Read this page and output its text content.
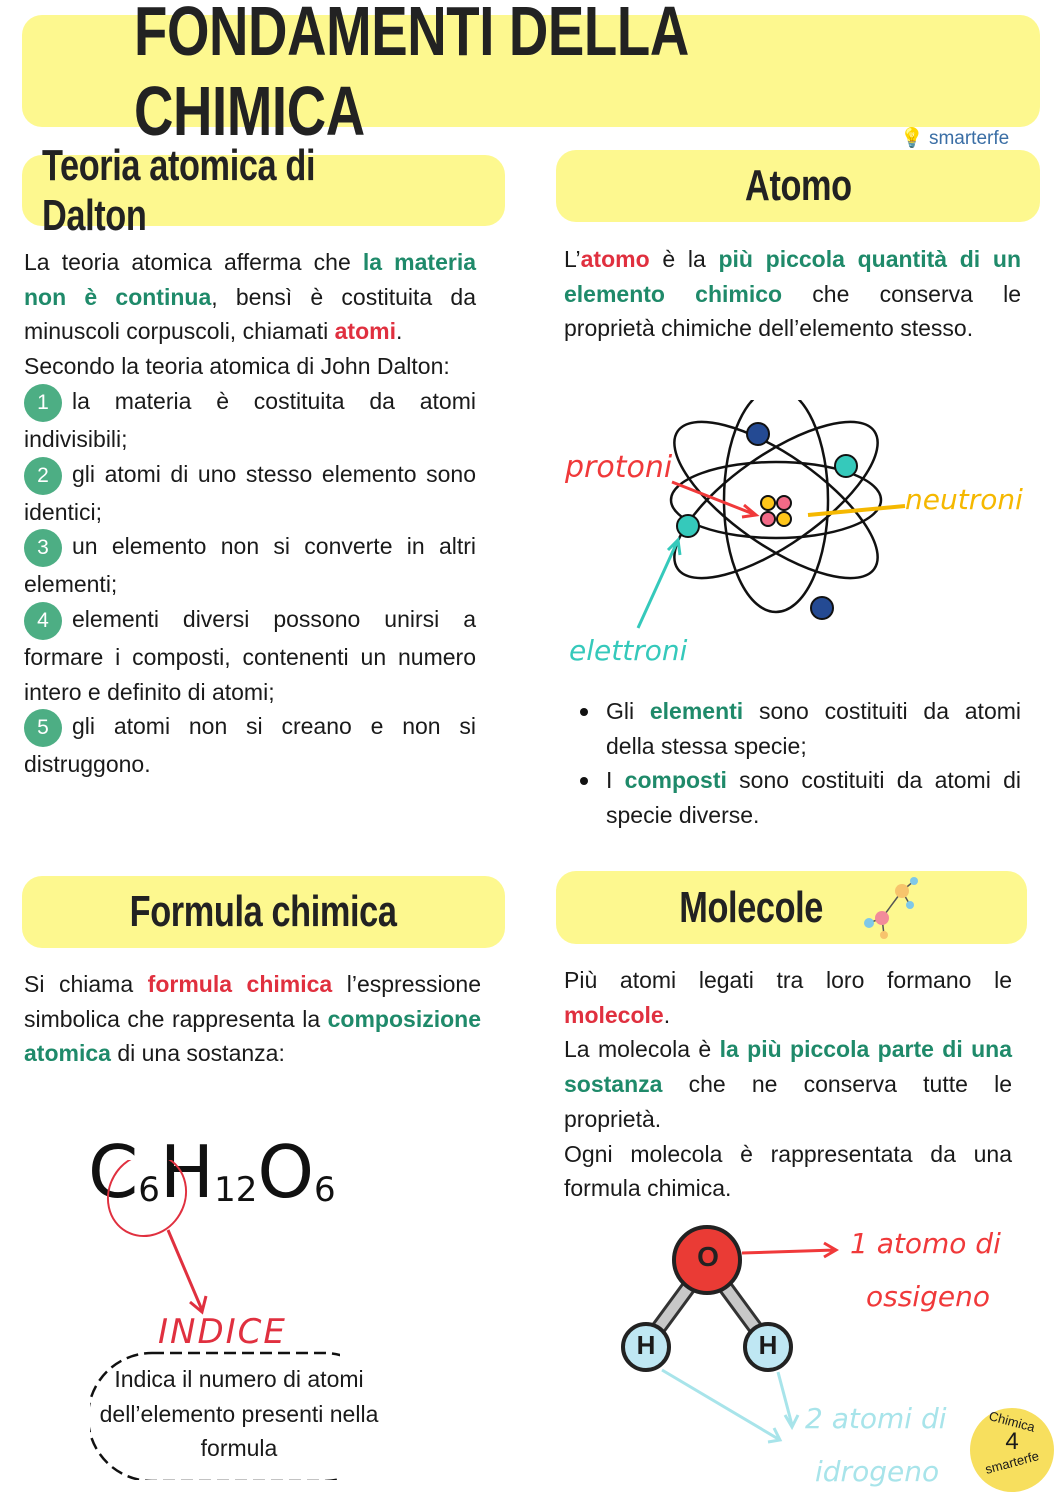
FONDAMENTI DELLA CHIMICA	💡 smarterfe
Teoria atomica di Dalton

La teoria atomica afferma che la materia non è continua, bensì è costituita da minuscoli corpuscoli, chiamati atomi.

Secondo la teoria atomica di John Dalton:

1 la materia è costituita da atomi indivisibili;

2 gli atomi di uno stesso elemento sono identici;

3 un elemento non si converte in altri elementi;

4 elementi diversi possono unirsi a formare i composti, contenenti un numero intero e definito di atomi;

5 gli atomi non si creano e non si distruggono.

Atomo
L’atomo è la più piccola quantità di un elemento chimico che conserva le proprietà chimiche dell’elemento stesso.
protoni
neutroni
elettroni
Gli elementi sono costituiti da atomi della stessa specie;
I composti sono costituiti da atomi di specie diverse.
Formula chimica
Si chiama formula chimica l’espressione simbolica che rappresenta la composizione atomica di una sostanza:
$C_6H_{12}O_6$
INDICE
Indica il numero di atomi dell’elemento presenti nella formula
Molecole
Più atomi legati tra loro formano le molecole.
La molecola è la più piccola parte di una sostanza che ne conserva tutte le proprietà.
Ogni molecola è rappresentata da una formula chimica.
O
H	H
1 atomo di
ossigeno
2 atomi di
idrogeno
Chimica
4
smarterfe
